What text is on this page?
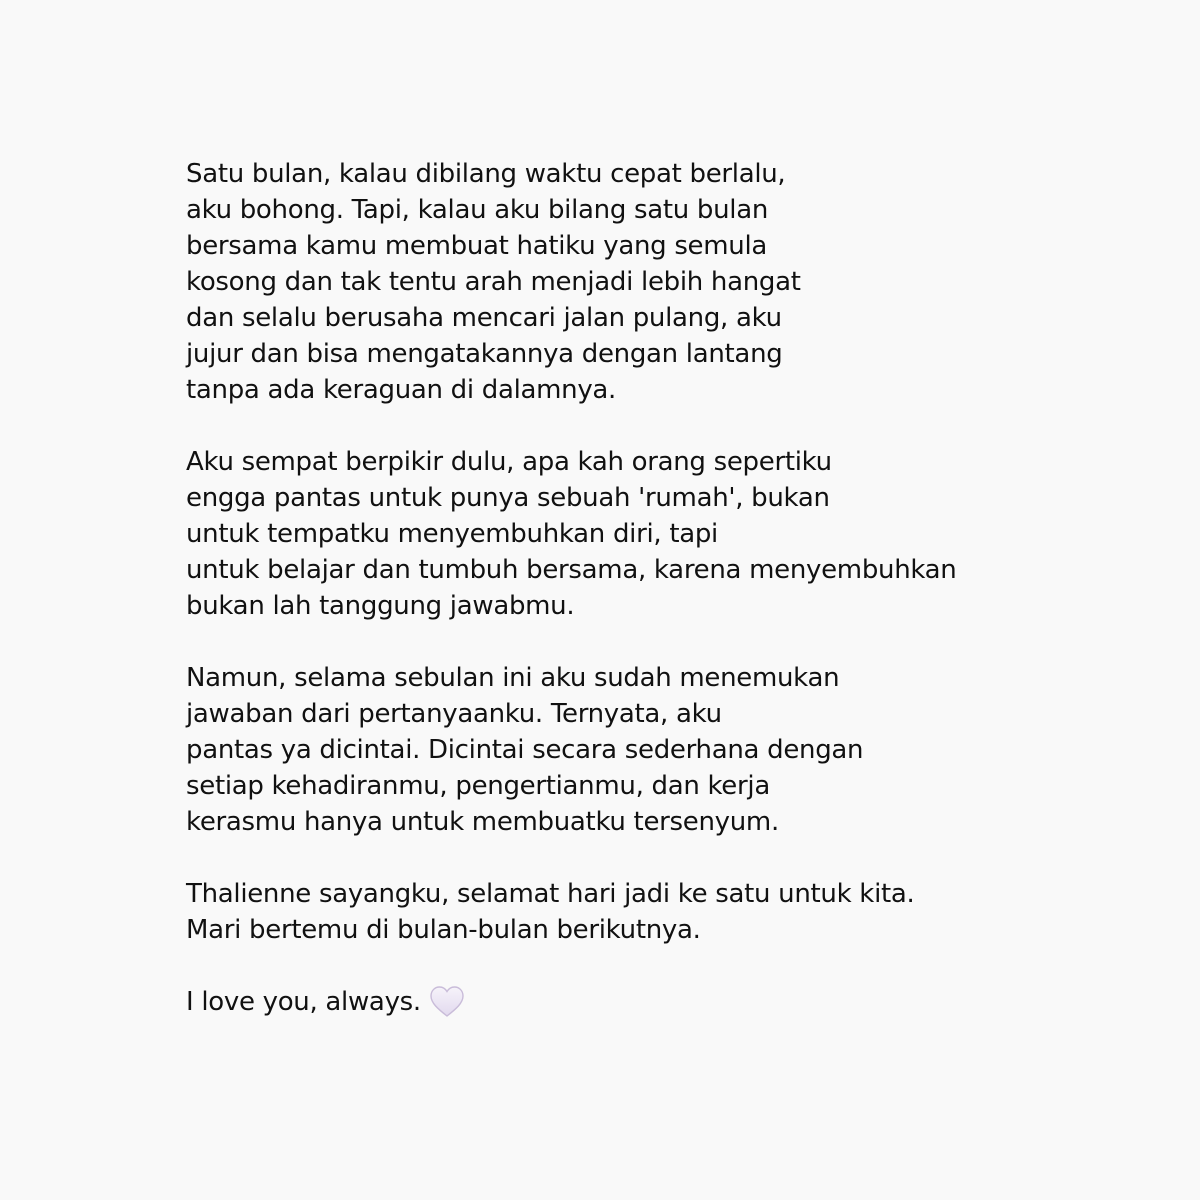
Satu bulan, kalau dibilang waktu cepat berlalu,
aku bohong. Tapi, kalau aku bilang satu bulan
bersama kamu membuat hatiku yang semula
kosong dan tak tentu arah menjadi lebih hangat
dan selalu berusaha mencari jalan pulang, aku
jujur dan bisa mengatakannya dengan lantang
tanpa ada keraguan di dalamnya.
Aku sempat berpikir dulu, apa kah orang sepertiku
engga pantas untuk punya sebuah 'rumah', bukan
untuk tempatku menyembuhkan diri, tapi
untuk belajar dan tumbuh bersama, karena menyembuhkan
bukan lah tanggung jawabmu.
Namun, selama sebulan ini aku sudah menemukan
jawaban dari pertanyaanku. Ternyata, aku
pantas ya dicintai. Dicintai secara sederhana dengan
setiap kehadiranmu, pengertianmu, dan kerja
kerasmu hanya untuk membuatku tersenyum.
Thalienne sayangku, selamat hari jadi ke satu untuk kita.
Mari bertemu di bulan-bulan berikutnya.
I love you, always.
